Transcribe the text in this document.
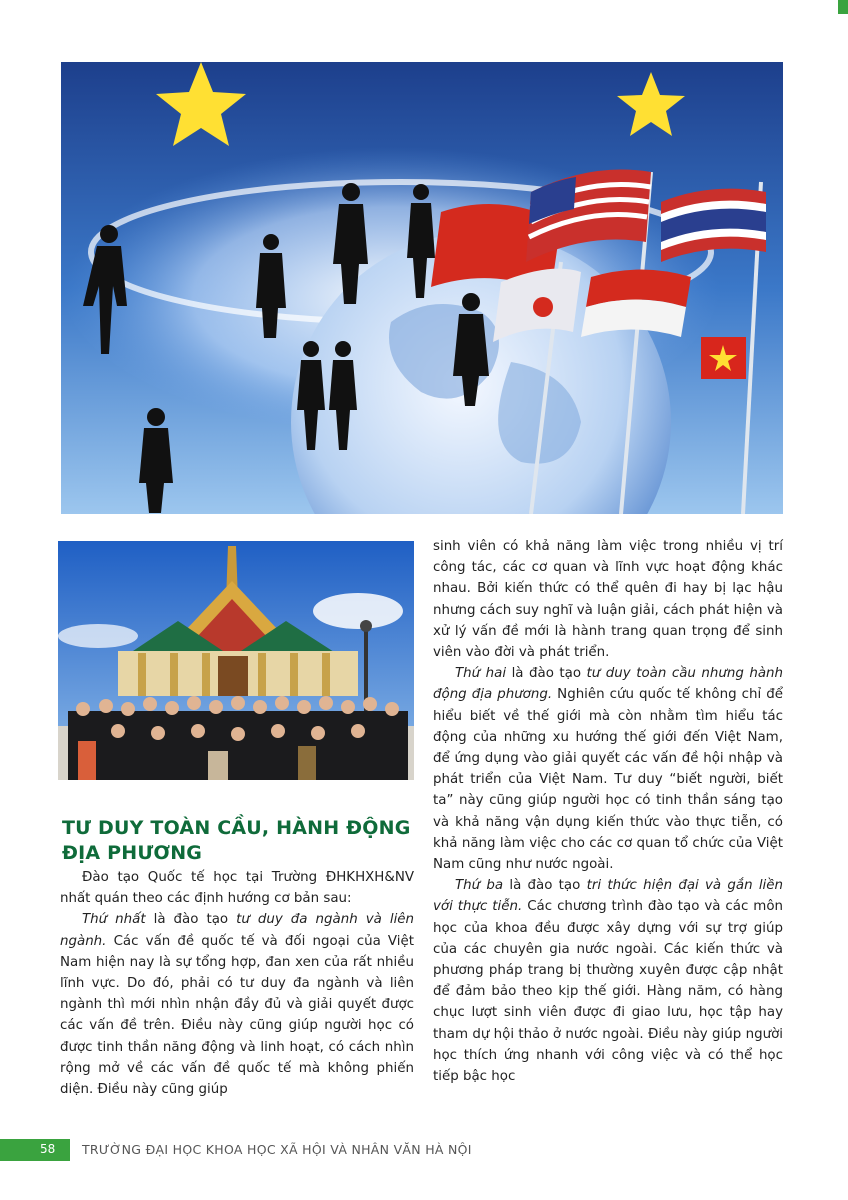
TƯ DUY TOÀN CẦU, HÀNH ĐỘNG ĐỊA PHƯƠNG

Đào tạo Quốc tế học tại Trường ĐHKHXH&NV nhất quán theo các định hướng cơ bản sau:

Thứ nhất là đào tạo tư duy đa ngành và liên ngành. Các vấn đề quốc tế và đối ngoại của Việt Nam hiện nay là sự tổng hợp, đan xen của rất nhiều lĩnh vực. Do đó, phải có tư duy đa ngành và liên ngành thì mới nhìn nhận đầy đủ và giải quyết được các vấn đề trên. Điều này cũng giúp người học có được tinh thần năng động và linh hoạt, có cách nhìn rộng mở về các vấn đề quốc tế mà không phiến diện. Điều này cũng giúp

sinh viên có khả năng làm việc trong nhiều vị trí công tác, các cơ quan và lĩnh vực hoạt động khác nhau. Bởi kiến thức có thể quên đi hay bị lạc hậu nhưng cách suy nghĩ và luận giải, cách phát hiện và xử lý vấn đề mới là hành trang quan trọng để sinh viên vào đời và phát triển.

Thứ hai là đào tạo tư duy toàn cầu nhưng hành động địa phương. Nghiên cứu quốc tế không chỉ để hiểu biết về thế giới mà còn nhằm tìm hiểu tác động của những xu hướng thế giới đến Việt Nam, để ứng dụng vào giải quyết các vấn đề hội nhập và phát triển của Việt Nam. Tư duy “biết người, biết ta” này cũng giúp người học có tinh thần sáng tạo và khả năng vận dụng kiến thức vào thực tiễn, có khả năng làm việc cho các cơ quan tổ chức của Việt Nam cũng như nước ngoài.

Thứ ba là đào tạo tri thức hiện đại và gắn liền với thực tiễn. Các chương trình đào tạo và các môn học của khoa đều được xây dựng với sự trợ giúp của các chuyên gia nước ngoài. Các kiến thức và phương pháp trang bị thường xuyên được cập nhật để đảm bảo theo kịp thế giới. Hàng năm, có hàng chục lượt sinh viên được đi giao lưu, học tập hay tham dự hội thảo ở nước ngoài. Điều này giúp người học thích ứng nhanh với công việc và có thể học tiếp bậc học

58 TRƯỜNG ĐẠI HỌC KHOA HỌC XÃ HỘI VÀ NHÂN VĂN HÀ NỘI
